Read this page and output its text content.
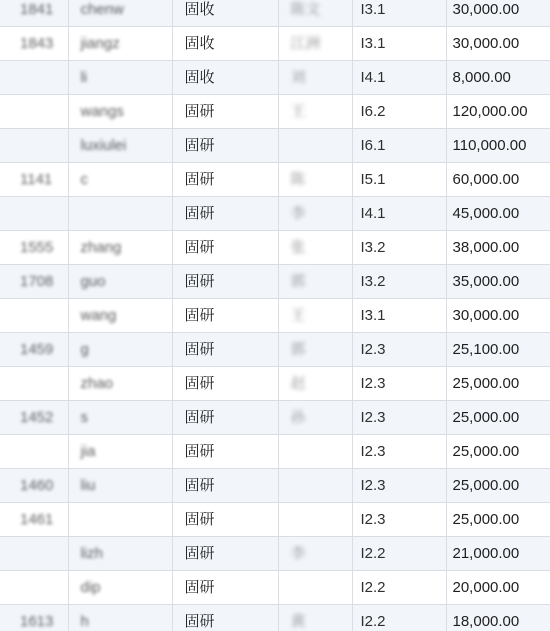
1841	chenw	固收	陈文	I3.1	30,000.00
1843	jiangz	固收	江洲	I3.1	30,000.00
	li	固收	刘	I4.1	8,000.00
	wangs	固研	王	I6.2	120,000.00
	luxiulei	固研		I6.1	110,000.00
1141	c	固研	陈	I5.1	60,000.00
		固研	李	I4.1	45,000.00
1555	zhang	固研	张	I3.2	38,000.00
1708	guo	固研	郭	I3.2	35,000.00
	wang	固研	王	I3.1	30,000.00
1459	g	固研	郭	I2.3	25,100.00
	zhao	固研	赵	I2.3	25,000.00
1452	s	固研	孙	I2.3	25,000.00
	jia	固研		I2.3	25,000.00
1460	liu	固研		I2.3	25,000.00
1461		固研		I2.3	25,000.00
	lizh	固研	李	I2.2	21,000.00
	dip	固研		I2.2	20,000.00
1613	h	固研	黄	I2.2	18,000.00
